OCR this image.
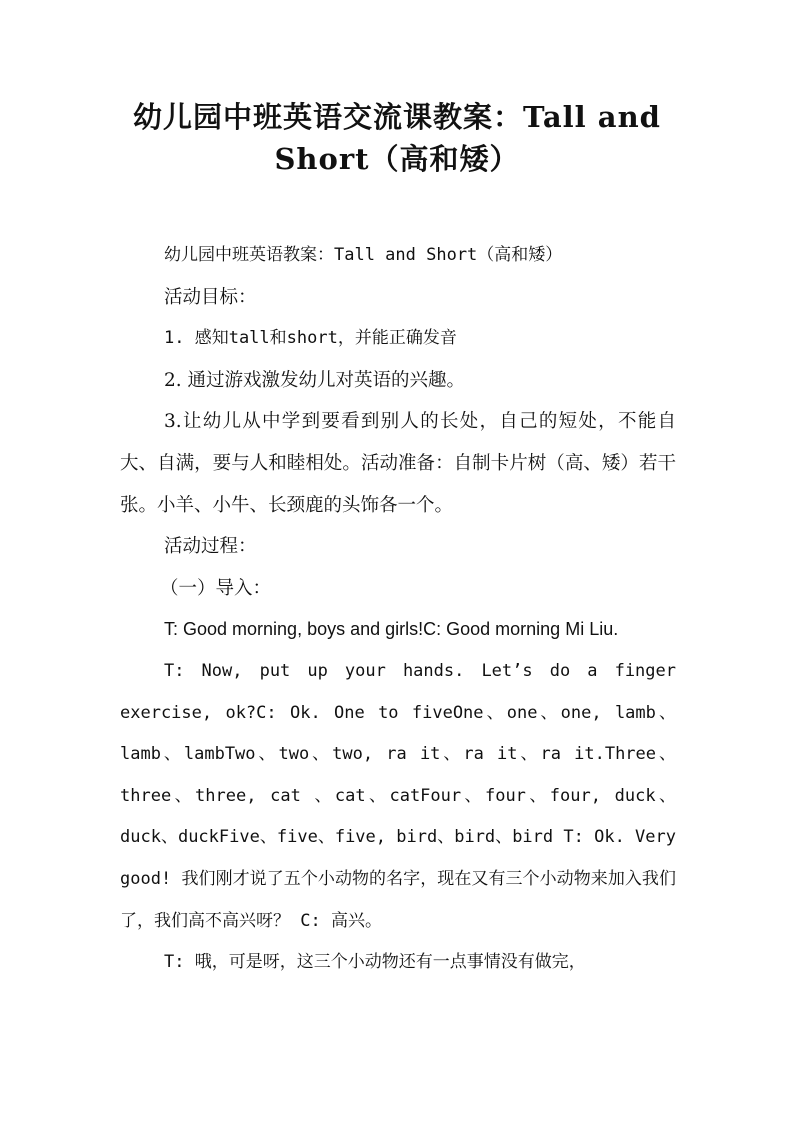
幼儿园中班英语交流课教案：Tall and
Short（高和矮）

幼儿园中班英语教案：Tall and Short（高和矮）

活动目标：

1. 感知tall和short，并能正确发音

2. 通过游戏激发幼儿对英语的兴趣。

3.让幼儿从中学到要看到别人的长处，自己的短处，不能自大、自满，要与人和睦相处。活动准备：自制卡片树（高、矮）若干张。小羊、小牛、长颈鹿的头饰各一个。

活动过程：

（一）导入：

T: Good morning, boys and girls!C: Good morning Mi Liu.

T: Now, put up your hands. Let’s do a finger exercise, ok?C: Ok. One to fiveOne、one、one, lamb、lamb、lambTwo、two、two, ra it、ra it、ra it.Three、three、three, cat 、cat、catFour、four、four, duck、duck、duckFive、five、five, bird、bird、bird T: Ok. Very good! 我们刚才说了五个小动物的名字，现在又有三个小动物来加入我们了，我们高不高兴呀？ C: 高兴。

T: 哦，可是呀，这三个小动物还有一点事情没有做完，
